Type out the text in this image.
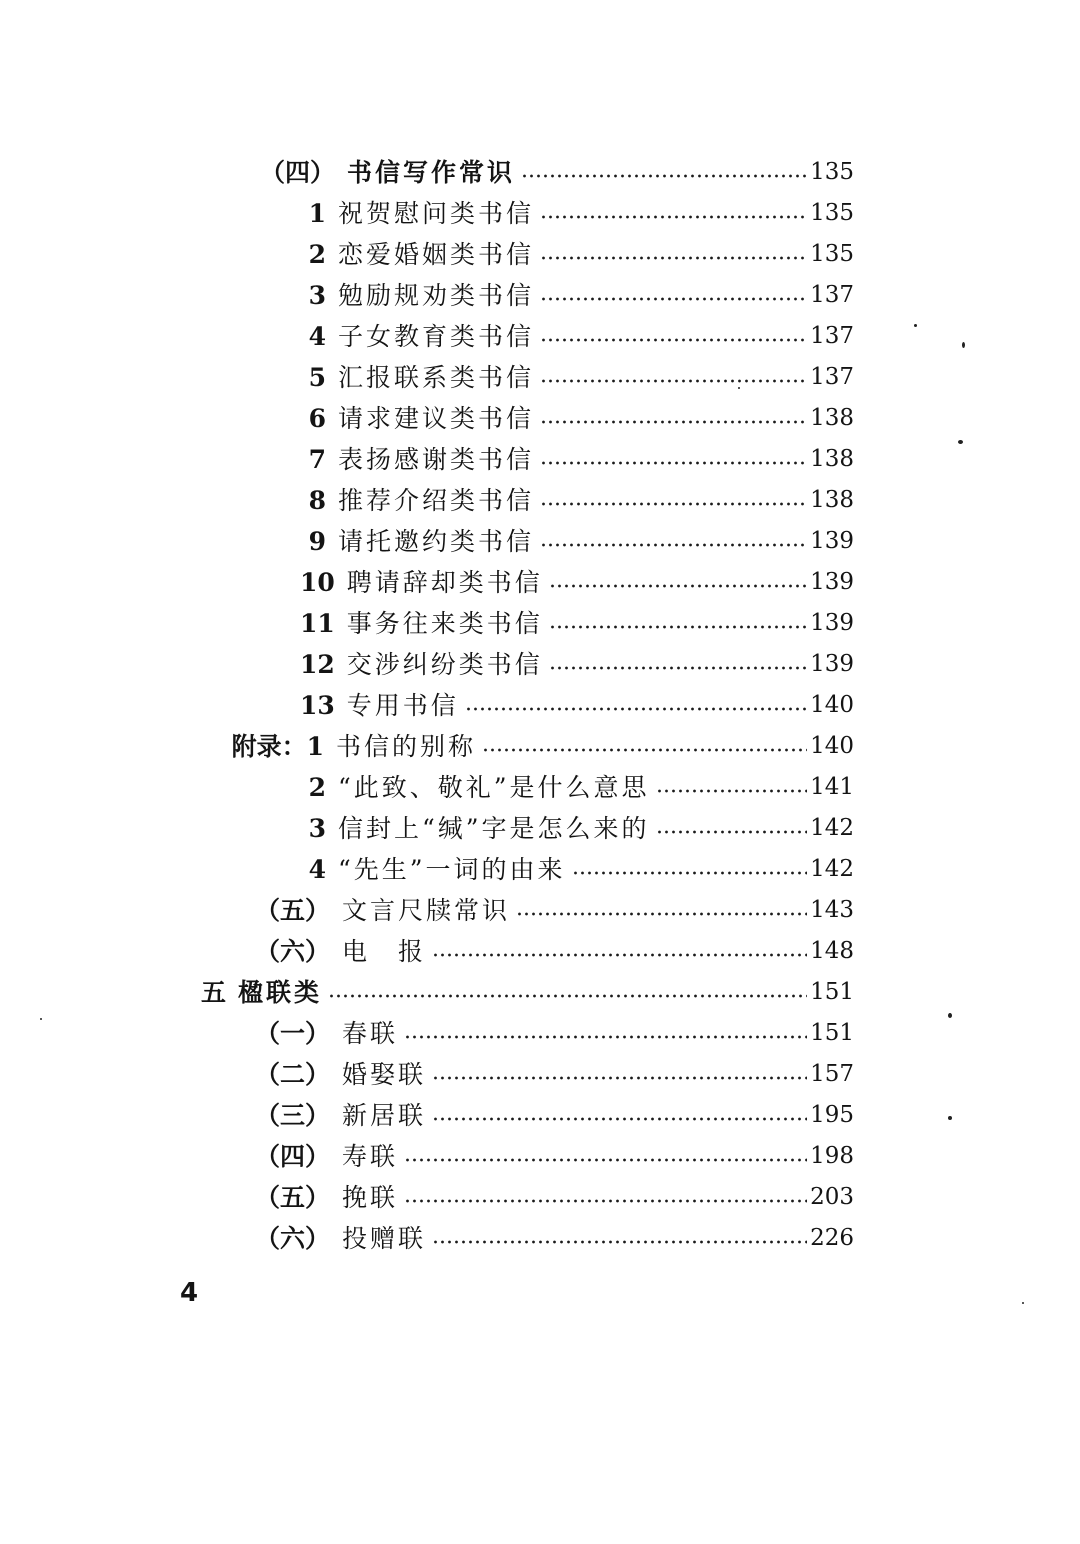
（四） 书信写作常识	135
1 祝贺慰问类书信	135
2 恋爱婚姻类书信	135
3 勉励规劝类书信	137
4 子女教育类书信	137
5 汇报联系类书信	137
6 请求建议类书信	138
7 表扬感谢类书信	138
8 推荐介绍类书信	138
9 请托邀约类书信	139
10 聘请辞却类书信	139
11 事务往来类书信	139
12 交涉纠纷类书信	139
13 专用书信	140
附录：1 书信的别称	140
2 “此致、敬礼”是什么意思	141
3 信封上“缄”字是怎么来的	142
4 “先生”一词的由来	142
（五） 文言尺牍常识	143
（六） 电　报	148
五 楹联类	151
（一） 春联	151
（二） 婚娶联	157
（三） 新居联	195
（四） 寿联	198
（五） 挽联	203
（六） 投赠联	226
4
